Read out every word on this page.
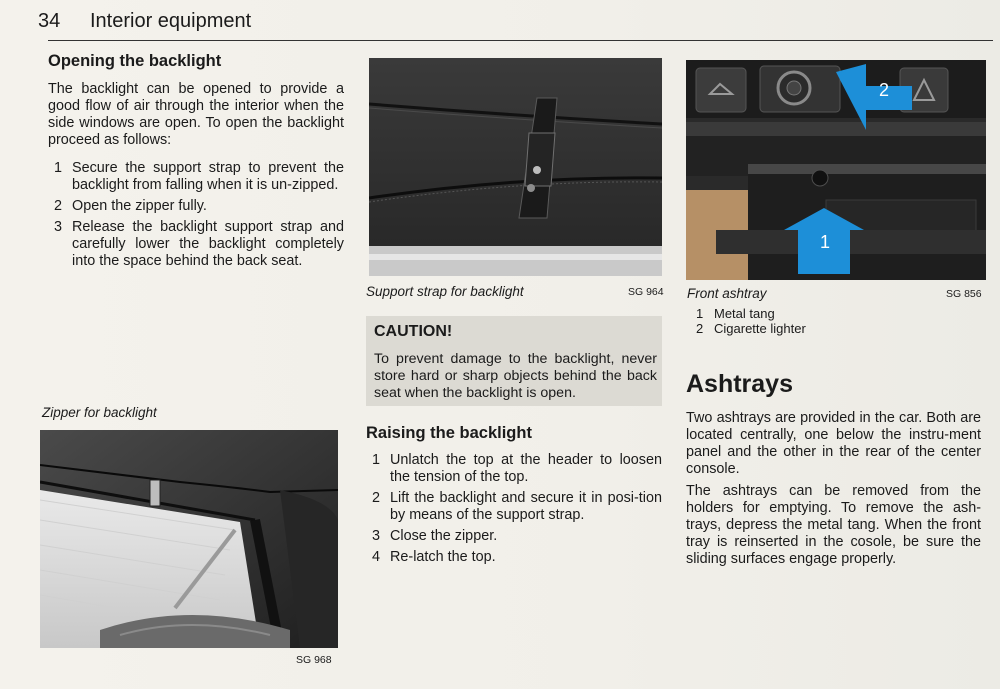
34 Interior equipment
Opening the backlight
The backlight can be opened to provide a good flow of air through the interior when the side windows are open. To open the backlight proceed as follows:
1 Secure the support strap to prevent the backlight from falling when it is un-zipped.
2 Open the zipper fully.
3 Release the backlight support strap and carefully lower the backlight completely into the space behind the back seat.
Zipper for backlight
SG 968
Support strap for backlight	SG 964
CAUTION!
To prevent damage to the backlight, never store hard or sharp objects behind the back seat when the backlight is open.
Raising the backlight
1 Unlatch the top at the header to loosen the tension of the top.
2 Lift the backlight and secure it in posi-tion by means of the support strap.
3 Close the zipper.
4 Re-latch the top.
2
1
Front ashtray	SG 856
1 Metal tang
2 Cigarette lighter
Ashtrays
Two ashtrays are provided in the car. Both are located centrally, one below the instru-ment panel and the other in the rear of the center console.
The ashtrays can be removed from the holders for emptying. To remove the ash-trays, depress the metal tang. When the front tray is reinserted in the cosole, be sure the sliding surfaces engage properly.
